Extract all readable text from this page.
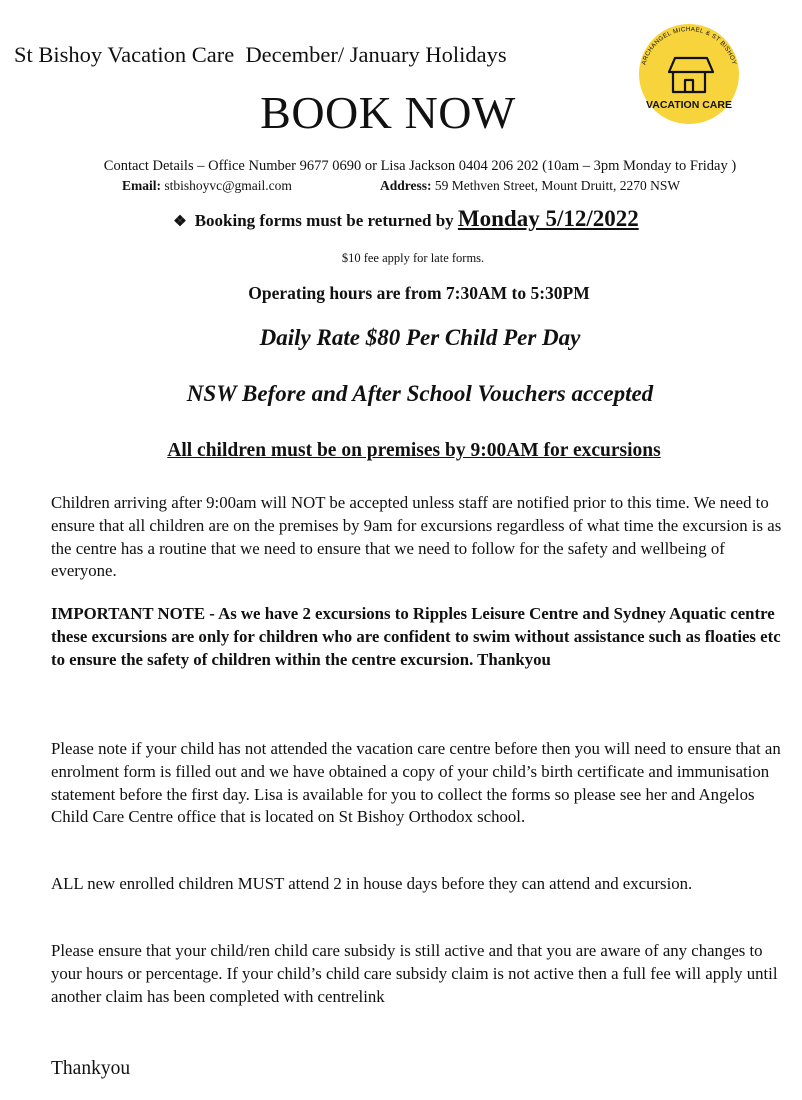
St Bishoy Vacation Care  December/ January Holidays
BOOK NOW
ARCHANGEL MICHAEL & ST BISHOY
VACATION CARE
Contact Details – Office Number 9677 0690 or Lisa Jackson 0404 206 202 (10am – 3pm Monday to Friday )
Email: stbishoyvc@gmail.com	Address: 59 Methven Street, Mount Druitt, 2270 NSW
❖ Booking forms must be returned by Monday 5/12/2022
$10 fee apply for late forms.
Operating hours are from 7:30AM to 5:30PM
Daily Rate $80 Per Child Per Day
NSW Before and After School Vouchers accepted
All children must be on premises by 9:00AM for excursions
Children arriving after 9:00am will NOT be accepted unless staff are notified prior to this time. We need to ensure that all children are on the premises by 9am for excursions regardless of what time the excursion is as the centre has a routine that we need to ensure that we need to follow for the safety and wellbeing of everyone.
IMPORTANT NOTE - As we have 2 excursions to Ripples Leisure Centre and Sydney Aquatic centre these excursions are only for children who are confident to swim without assistance such as floaties etc to ensure the safety of children within the centre excursion. Thankyou
Please note if your child has not attended the vacation care centre before then you will need to ensure that an enrolment form is filled out and we have obtained a copy of your child’s birth certificate and immunisation statement before the first day. Lisa is available for you to collect the forms so please see her and Angelos Child Care Centre office that is located on St Bishoy Orthodox school.
ALL new enrolled children MUST attend 2 in house days before they can attend and excursion.
Please ensure that your child/ren child care subsidy is still active and that you are aware of any changes to your hours or percentage. If your child’s child care subsidy claim is not active then a full fee will apply until another claim has been completed with centrelink
Thankyou
